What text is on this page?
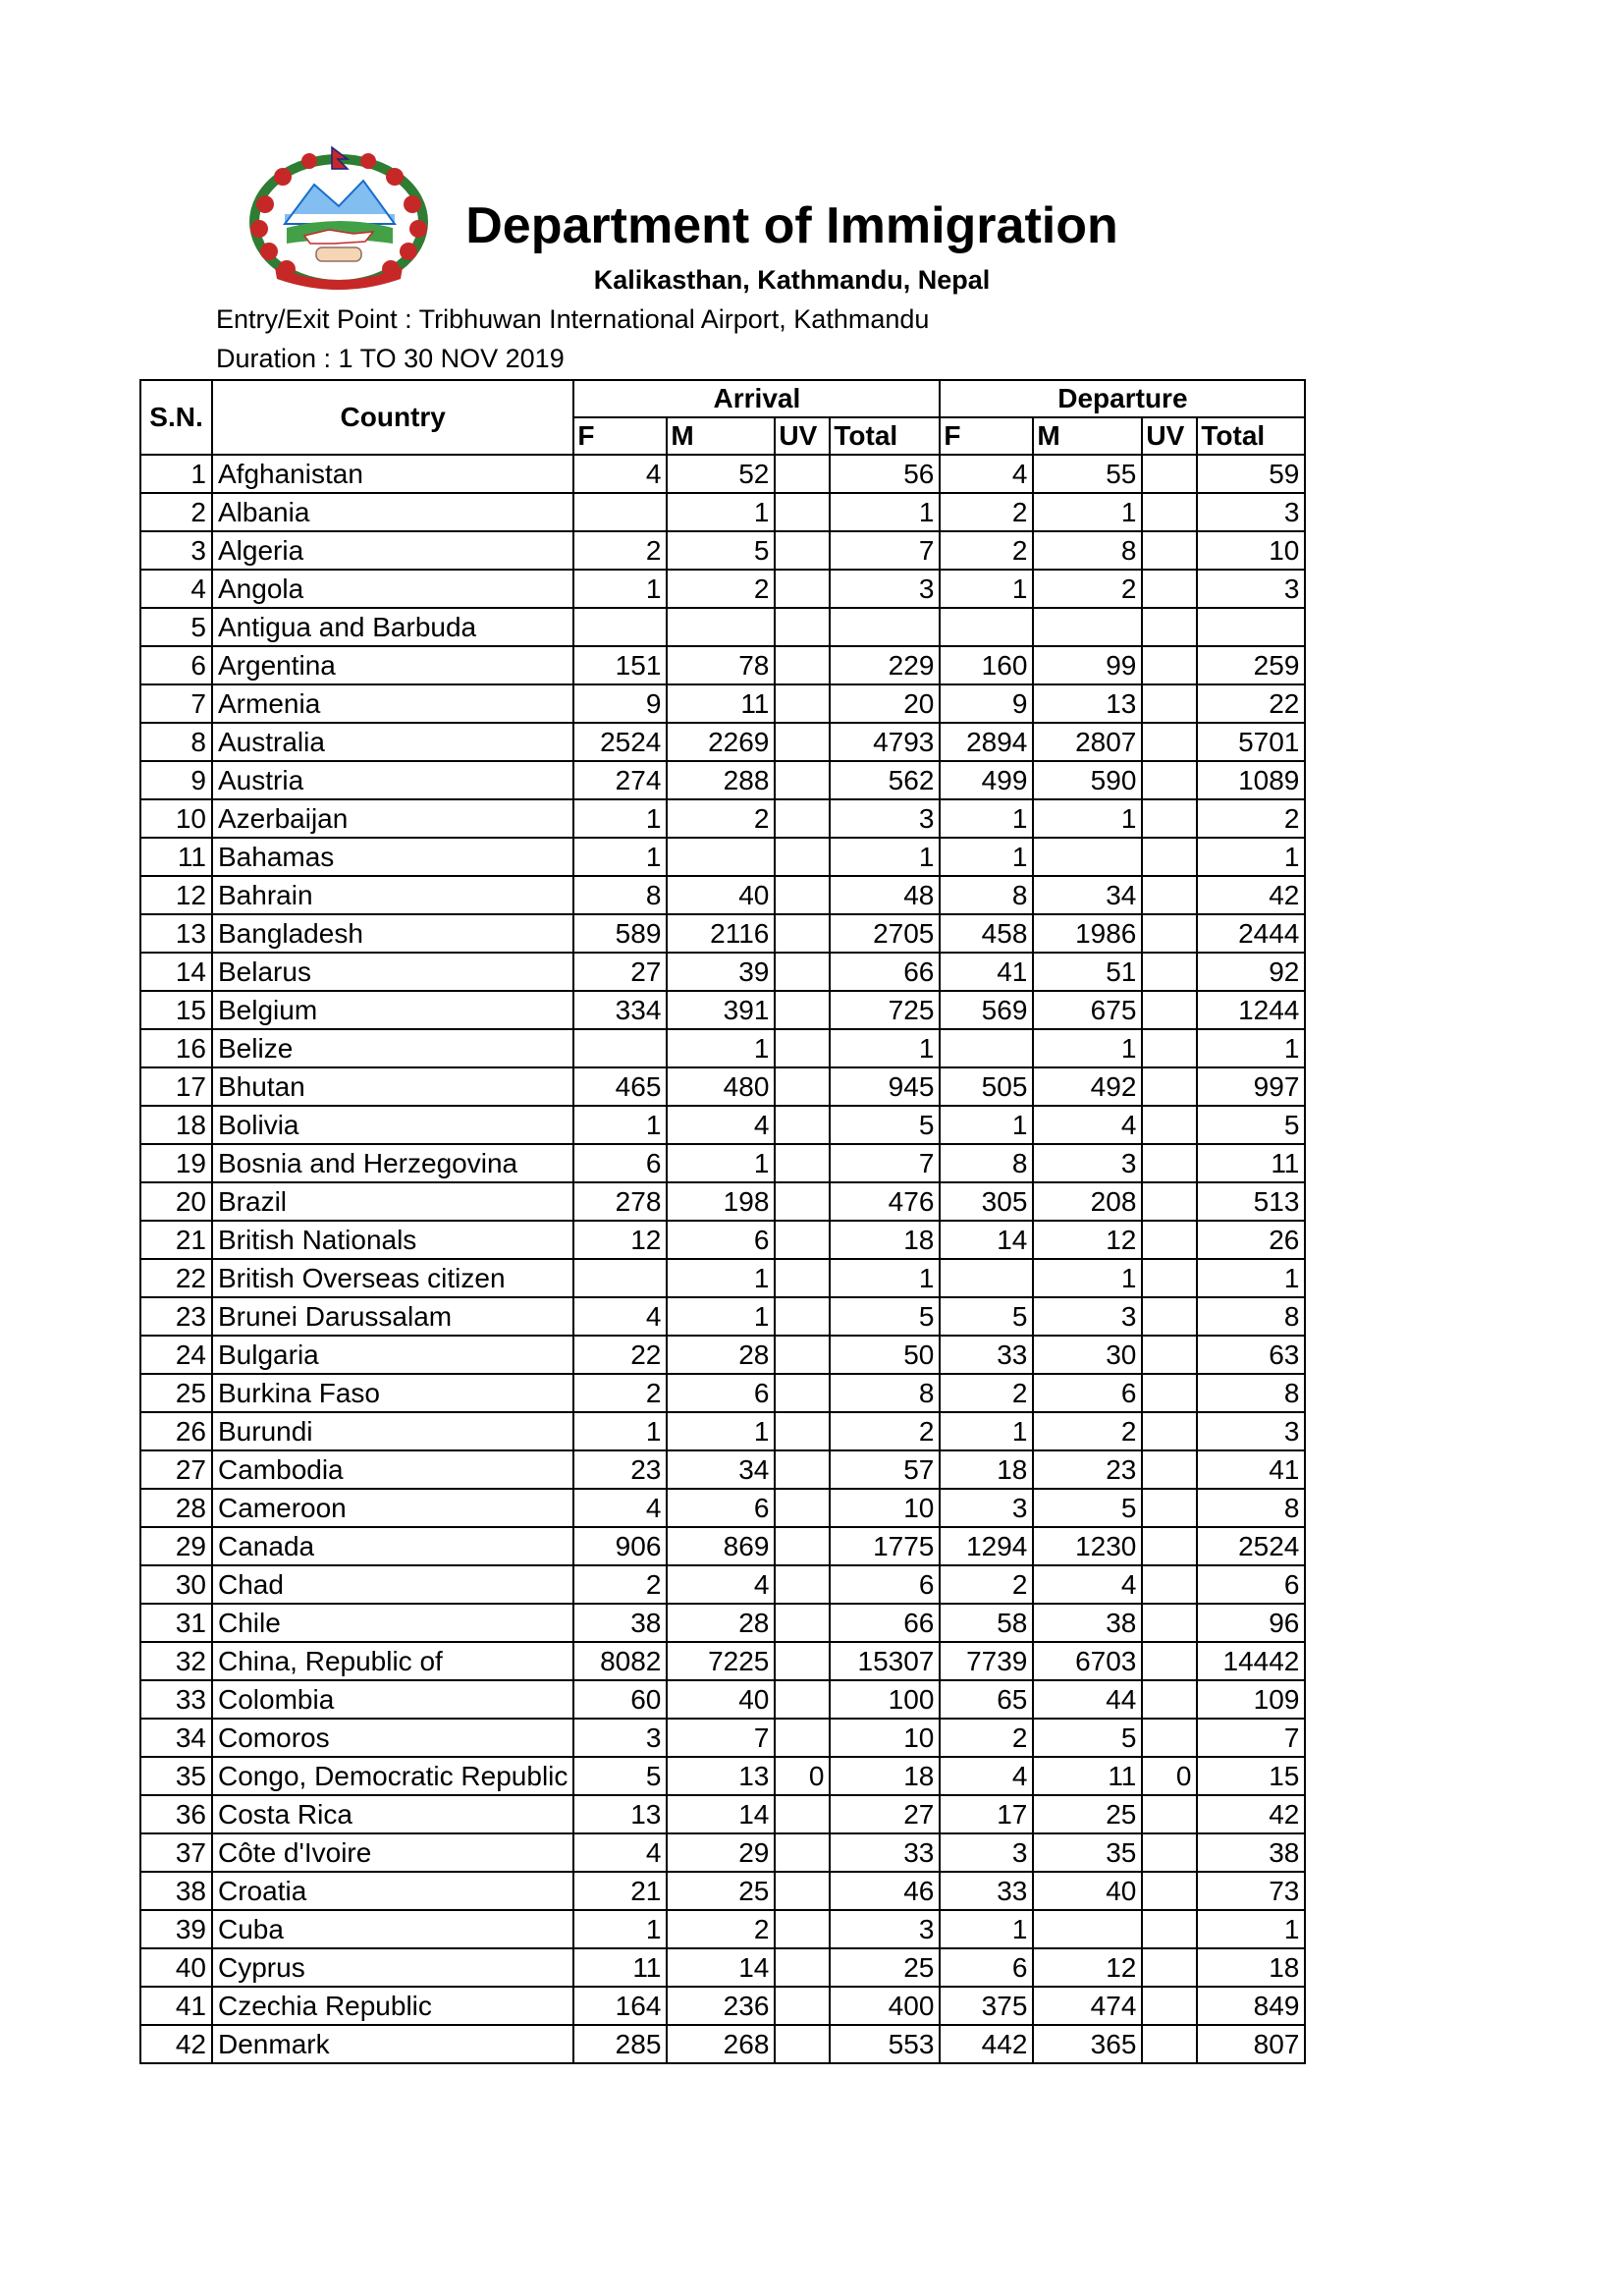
Department of Immigration
Kalikasthan, Kathmandu, Nepal
Entry/Exit Point : Tribhuwan International Airport, Kathmandu
Duration : 1 TO 30 NOV 2019
S.N.	Country	Arrival				Departure			
		F	M	UV	Total	F	M	UV	Total
1	Afghanistan	4	52		56	4	55		59
2	Albania		1		1	2	1		3
3	Algeria	2	5		7	2	8		10
4	Angola	1	2		3	1	2		3
5	Antigua and Barbuda								
6	Argentina	151	78		229	160	99		259
7	Armenia	9	11		20	9	13		22
8	Australia	2524	2269		4793	2894	2807		5701
9	Austria	274	288		562	499	590		1089
10	Azerbaijan	1	2		3	1	1		2
11	Bahamas	1			1	1			1
12	Bahrain	8	40		48	8	34		42
13	Bangladesh	589	2116		2705	458	1986		2444
14	Belarus	27	39		66	41	51		92
15	Belgium	334	391		725	569	675		1244
16	Belize		1		1		1		1
17	Bhutan	465	480		945	505	492		997
18	Bolivia	1	4		5	1	4		5
19	Bosnia and Herzegovina	6	1		7	8	3		11
20	Brazil	278	198		476	305	208		513
21	British Nationals	12	6		18	14	12		26
22	British Overseas citizen		1		1		1		1
23	Brunei Darussalam	4	1		5	5	3		8
24	Bulgaria	22	28		50	33	30		63
25	Burkina Faso	2	6		8	2	6		8
26	Burundi	1	1		2	1	2		3
27	Cambodia	23	34		57	18	23		41
28	Cameroon	4	6		10	3	5		8
29	Canada	906	869		1775	1294	1230		2524
30	Chad	2	4		6	2	4		6
31	Chile	38	28		66	58	38		96
32	China, Republic of	8082	7225		15307	7739	6703		14442
33	Colombia	60	40		100	65	44		109
34	Comoros	3	7		10	2	5		7
35	Congo, Democratic Republic	5	13	0	18	4	11	0	15
36	Costa Rica	13	14		27	17	25		42
37	Côte d'Ivoire	4	29		33	3	35		38
38	Croatia	21	25		46	33	40		73
39	Cuba	1	2		3	1			1
40	Cyprus	11	14		25	6	12		18
41	Czechia Republic	164	236		400	375	474		849
42	Denmark	285	268		553	442	365		807
